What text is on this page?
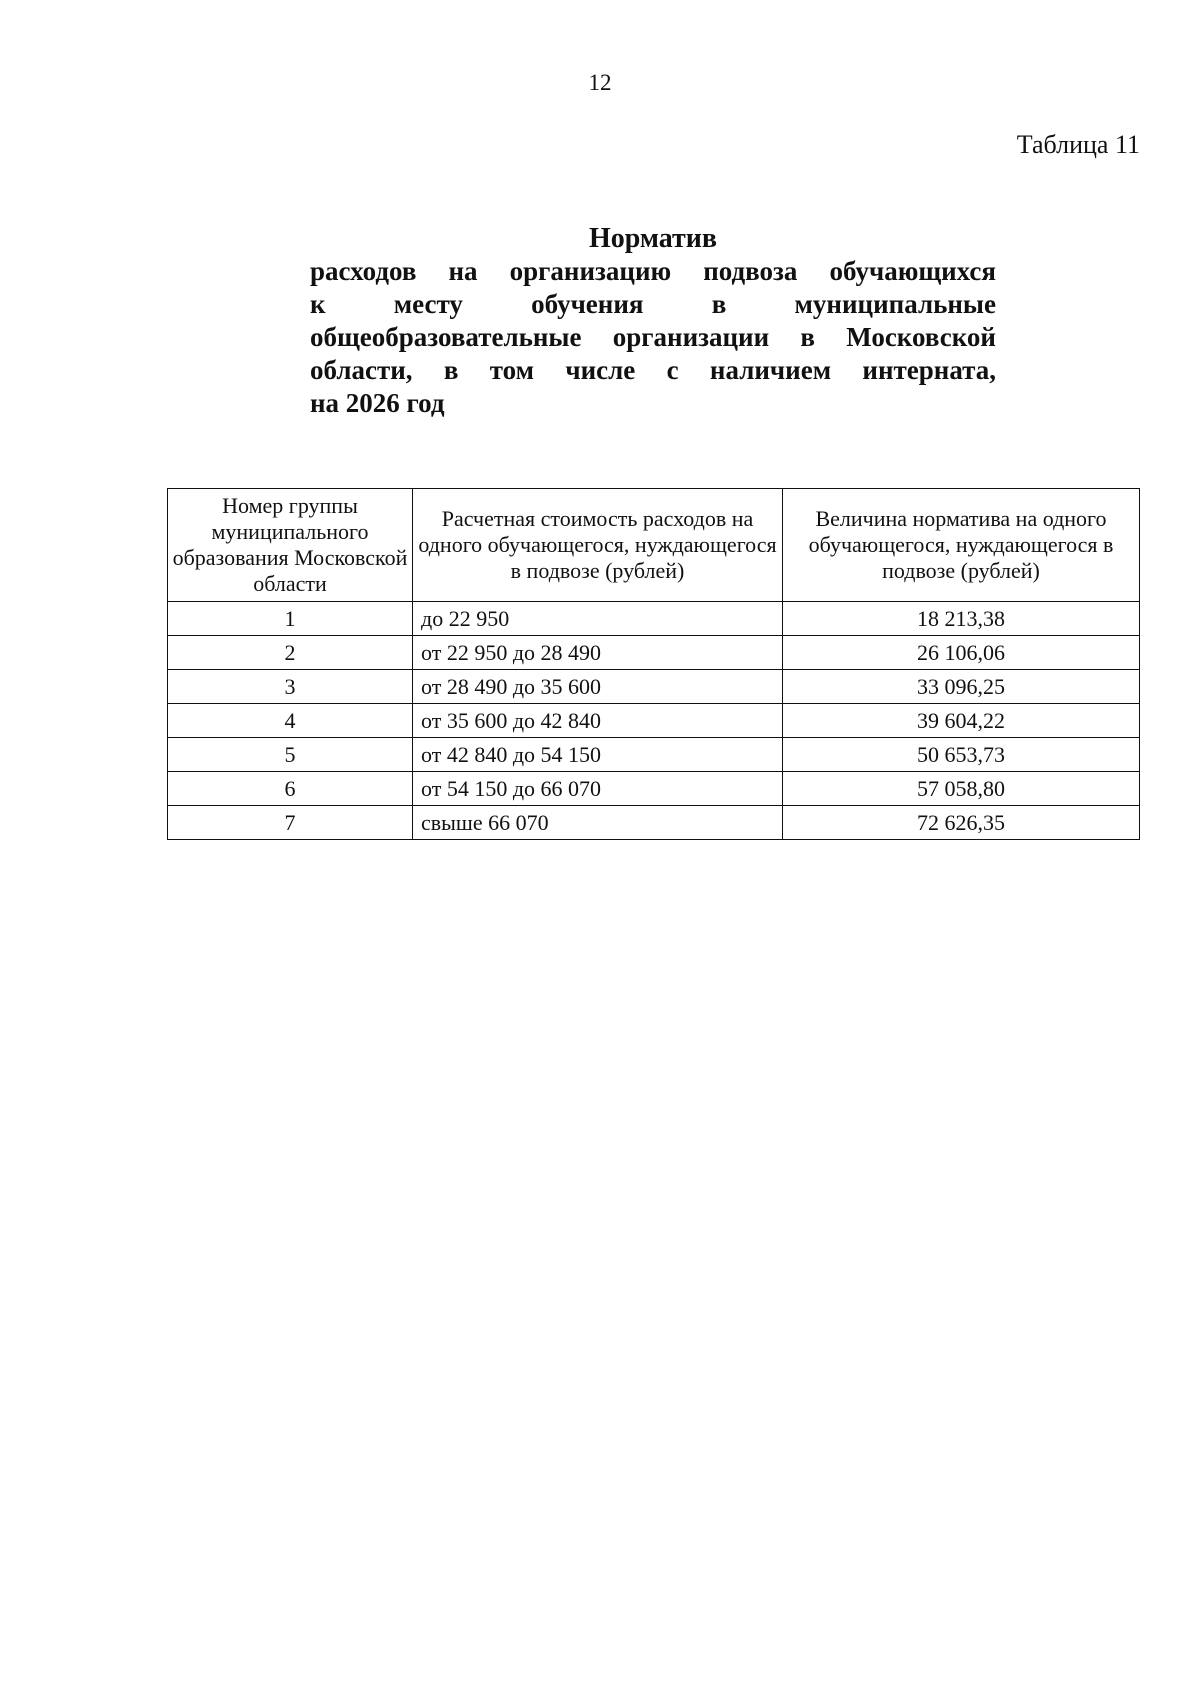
12
Таблица 11
Норматив
расходов на организацию подвоза обучающихся
к месту обучения в муниципальные
общеобразовательные организации в Московской
области, в том числе с наличием интерната,
на 2026 год
Номер группы муниципального образования Московской области	Расчетная стоимость расходов на одного обучающегося, нуждающегося в подвозе (рублей)	Величина норматива на одного обучающегося, нуждающегося в подвозе (рублей)
1	до 22 950	18 213,38
2	от 22 950 до 28 490	26 106,06
3	от 28 490 до 35 600	33 096,25
4	от 35 600 до 42 840	39 604,22
5	от 42 840 до 54 150	50 653,73
6	от 54 150 до 66 070	57 058,80
7	свыше 66 070	72 626,35
